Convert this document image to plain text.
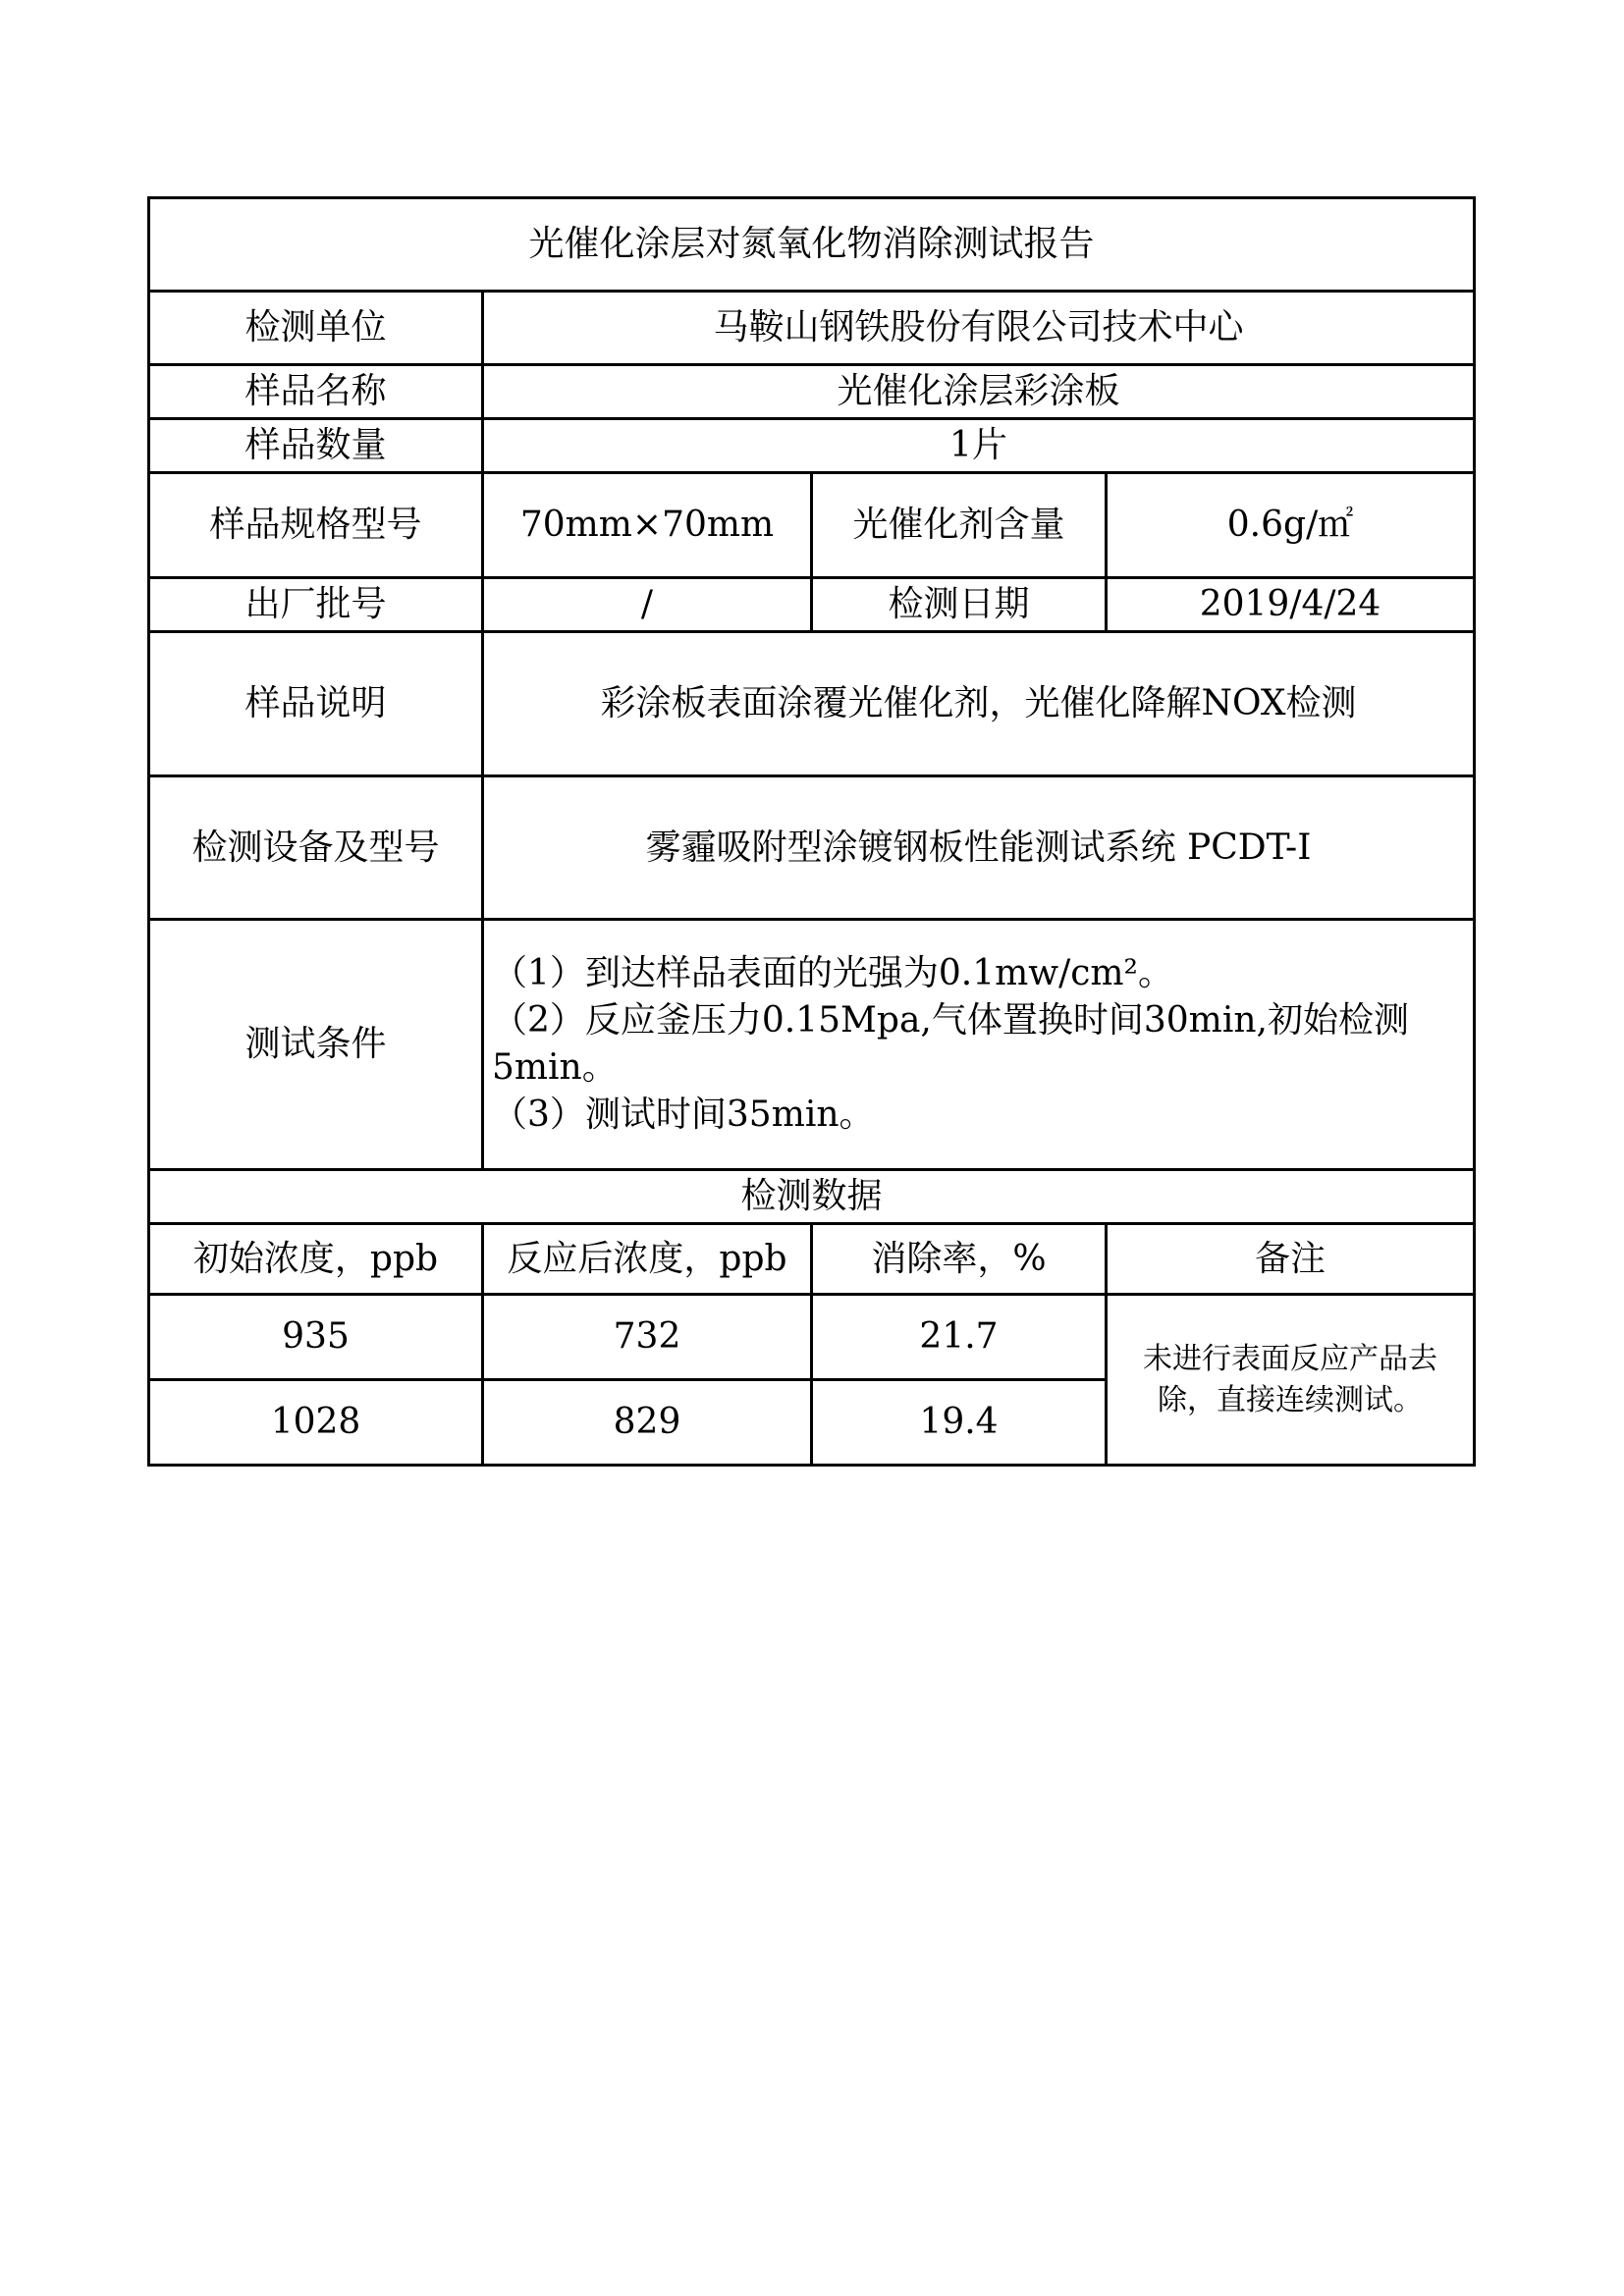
光催化涂层对氮氧化物消除测试报告			
检测单位	马鞍山钢铁股份有限公司技术中心		
样品名称	光催化涂层彩涂板		
样品数量	1片		
样品规格型号	70mm×70mm	光催化剂含量	0.6g/㎡
出厂批号	/	检测日期	2019/4/24
样品说明	彩涂板表面涂覆光催化剂，光催化降解NOX检测		
检测设备及型号	雾霾吸附型涂镀钢板性能测试系统 PCDT-I		
测试条件	（1）到达样品表面的光强为0.1mw/cm²。
（2）反应釜压力0.15Mpa,气体置换时间30min,初始检测5min。
（3）测试时间35min。		

检测数据			
初始浓度，ppb	反应后浓度，ppb	消除率，%	备注
935	732	21.7	未进行表面反应产品去除，直接连续测试。
1028	829	19.4	
